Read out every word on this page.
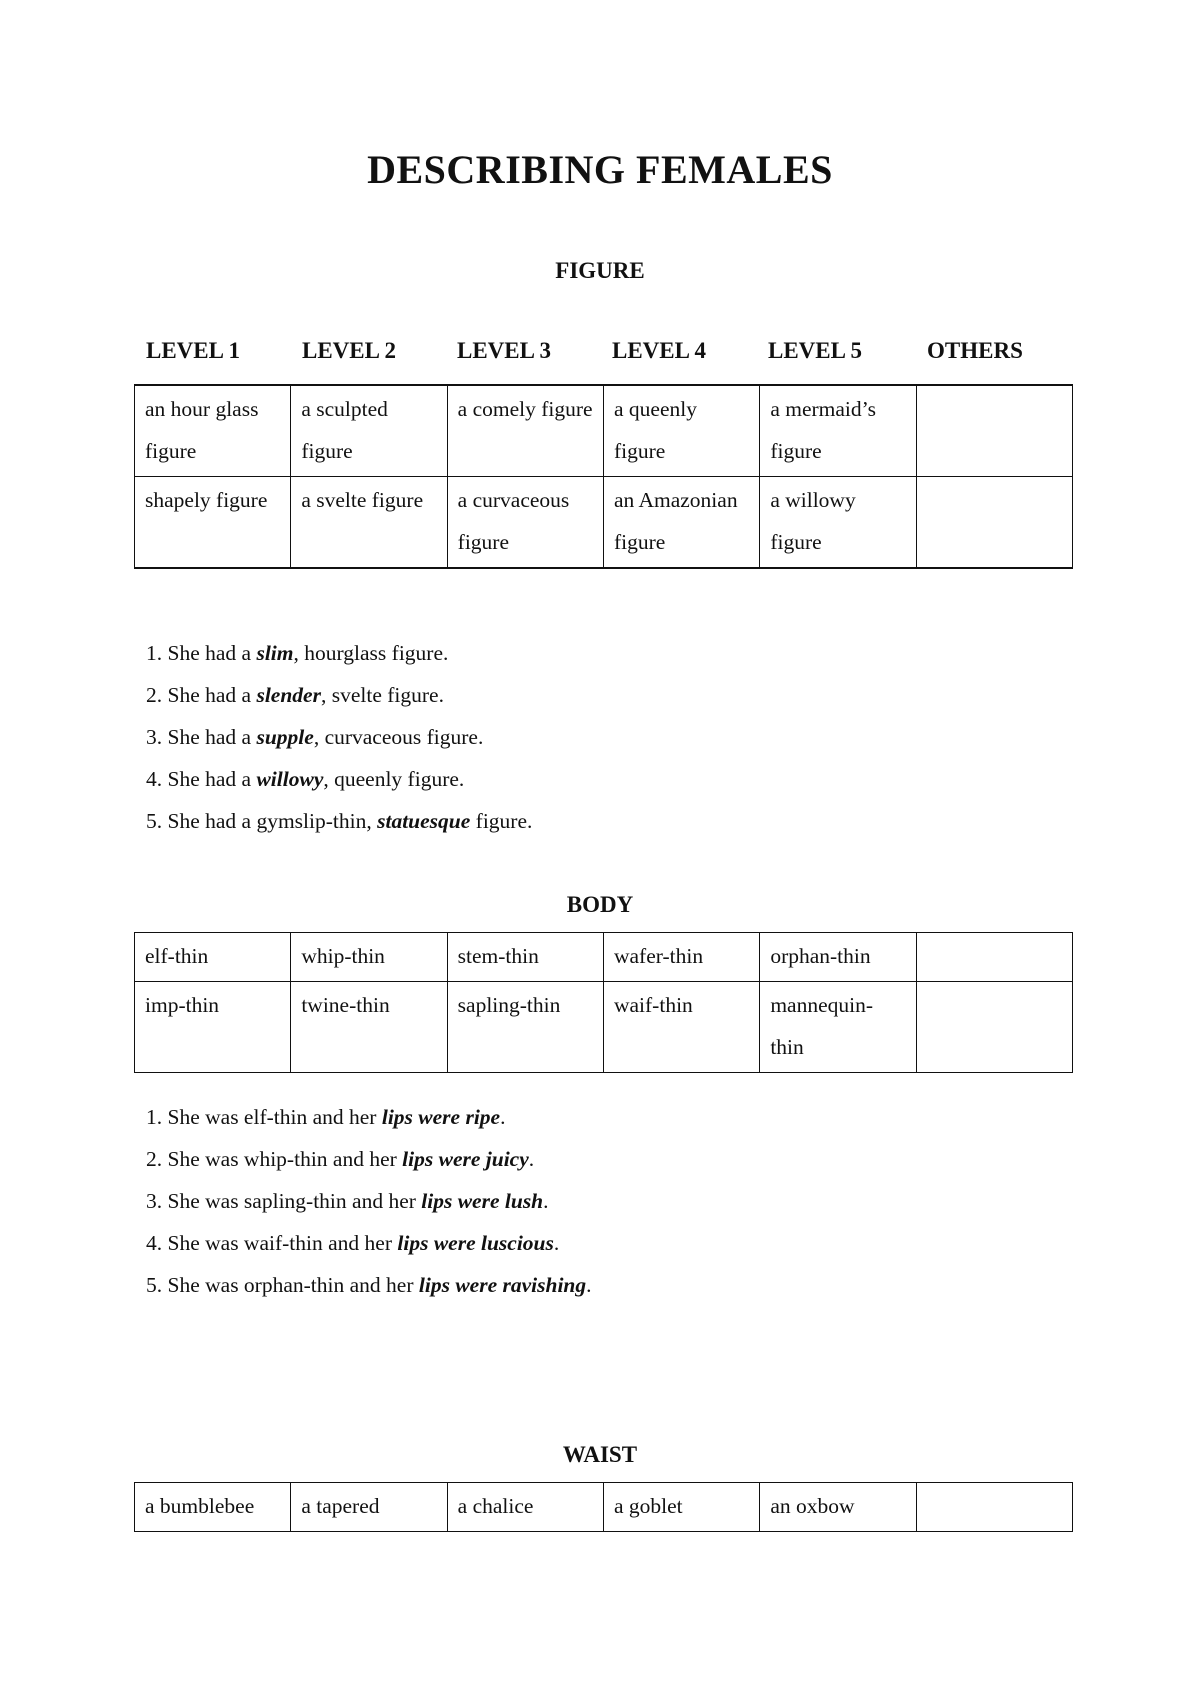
DESCRIBING FEMALES
FIGURE
LEVEL 1	LEVEL 2	LEVEL 3	LEVEL 4	LEVEL 5	OTHERS
an hour glass figure	a sculpted figure	a comely figure	a queenly figure	a mermaid’s figure	
shapely figure	a svelte figure	a curvaceous figure	an Amazonian figure	a willowy figure	
1. She had a slim, hourglass figure.
2. She had a slender, svelte figure.
3. She had a supple, curvaceous figure.
4. She had a willowy, queenly figure.
5. She had a gymslip-thin, statuesque figure.
BODY
elf-thin	whip-thin	stem-thin	wafer-thin	orphan-thin	
imp-thin	twine-thin	sapling-thin	waif-thin	mannequin-thin	
1. She was elf-thin and her lips were ripe.
2. She was whip-thin and her lips were juicy.
3. She was sapling-thin and her lips were lush.
4. She was waif-thin and her lips were luscious.
5. She was orphan-thin and her lips were ravishing.
WAIST
a bumblebee	a tapered	a chalice	a goblet	an oxbow	
